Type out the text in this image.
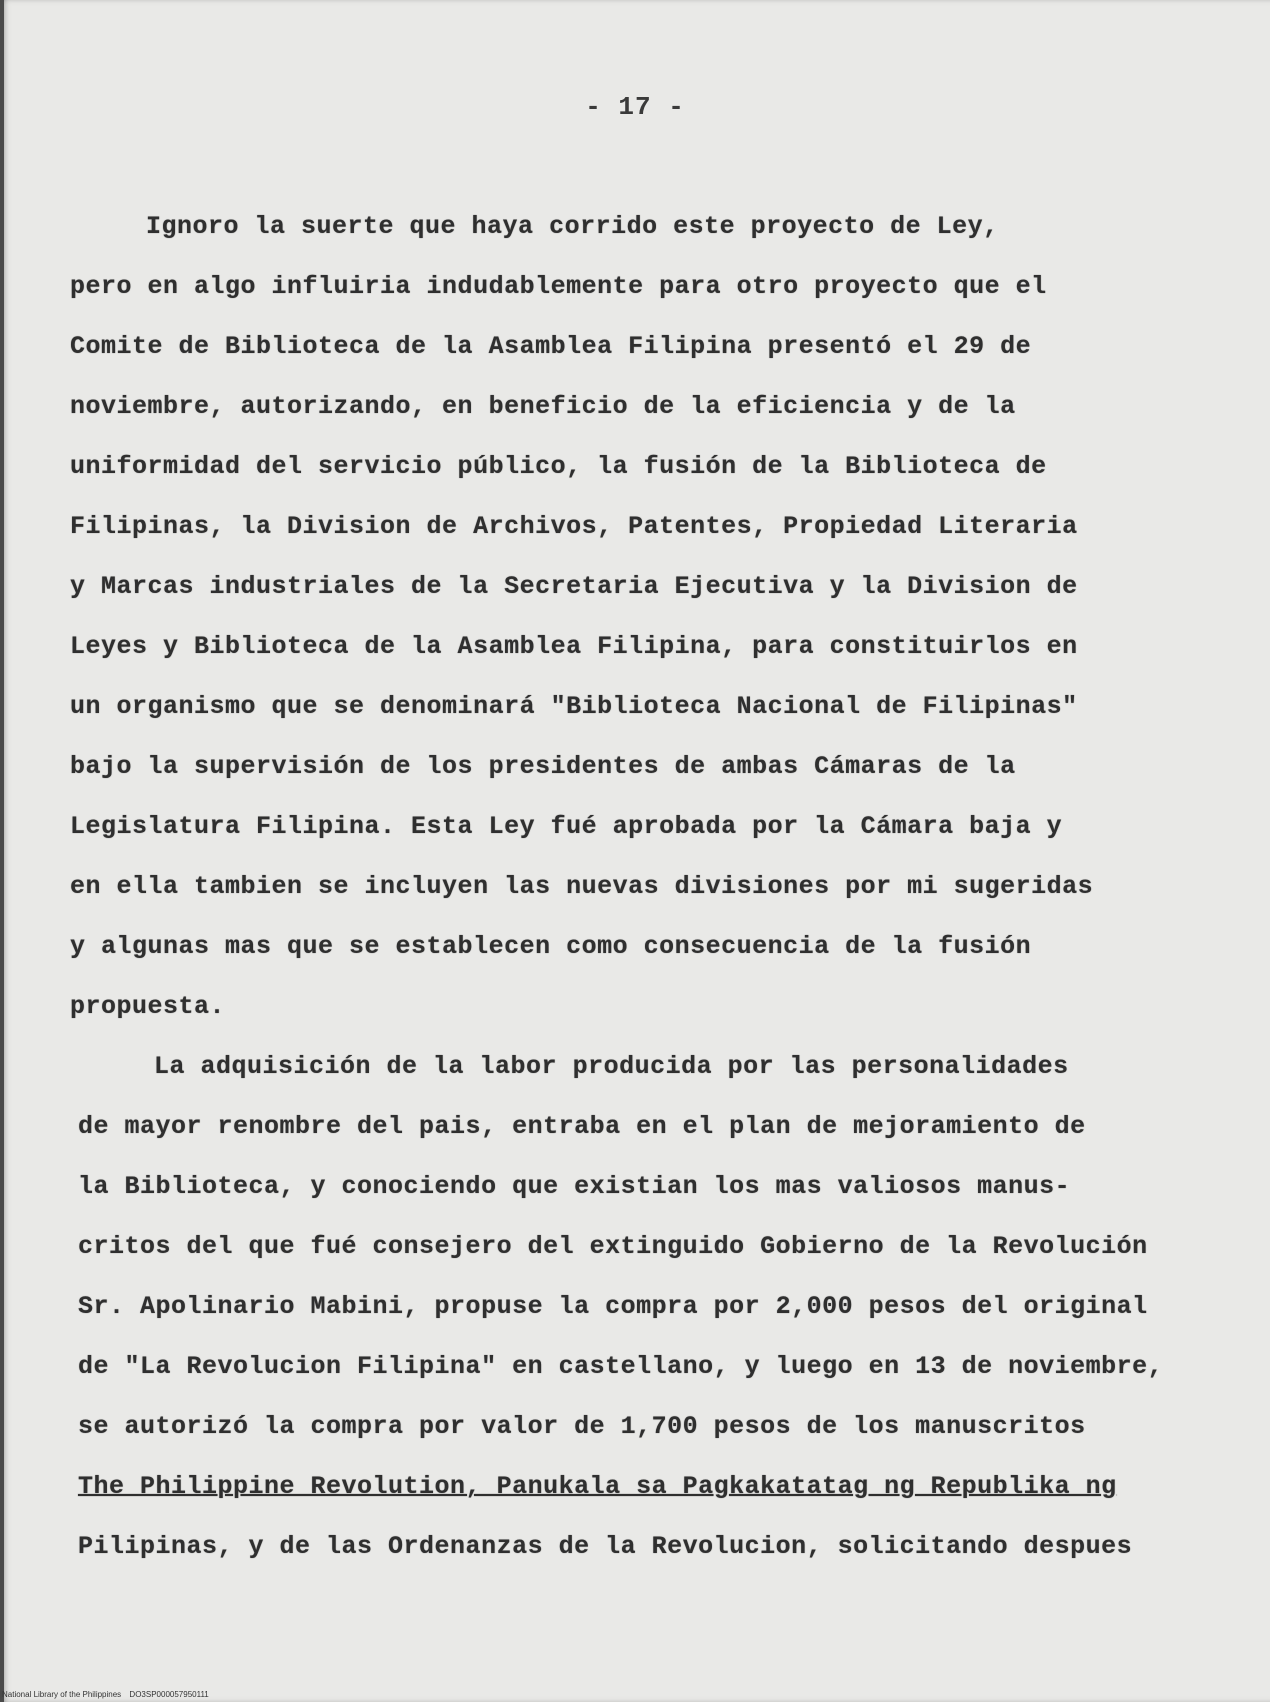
- 17 -
Ignoro la suerte que haya corrido este proyecto de Ley,
pero en algo influiria indudablemente para otro proyecto que el
Comite de Biblioteca de la Asamblea Filipina presentó el 29 de
noviembre, autorizando, en beneficio de la eficiencia y de la
uniformidad del servicio público, la fusión de la Biblioteca de
Filipinas, la Division de Archivos, Patentes, Propiedad Literaria
y Marcas industriales de la Secretaria Ejecutiva y la Division de
Leyes y Biblioteca de la Asamblea Filipina, para constituirlos en
un organismo que se denominará "Biblioteca Nacional de Filipinas"
bajo la supervisión de los presidentes de ambas Cámaras de la
Legislatura Filipina. Esta Ley fué aprobada por la Cámara baja y
en ella tambien se incluyen las nuevas divisiones por mi sugeridas
y algunas mas que se establecen como consecuencia de la fusión
propuesta.
La adquisición de la labor producida por las personalidades
de mayor renombre del pais, entraba en el plan de mejoramiento de
la Biblioteca, y conociendo que existian los mas valiosos manus-
critos del que fué consejero del extinguido Gobierno de la Revolución
Sr. Apolinario Mabini, propuse la compra por 2,000 pesos del original
de "La Revolucion Filipina" en castellano, y luego en 13 de noviembre,
se autorizó la compra por valor de 1,700 pesos de los manuscritos
The Philippine Revolution, Panukala sa Pagkakatatag ng Republika ng
Pilipinas, y de las Ordenanzas de la Revolucion, solicitando despues
National Library of the Philippines DO3SP000057950111
